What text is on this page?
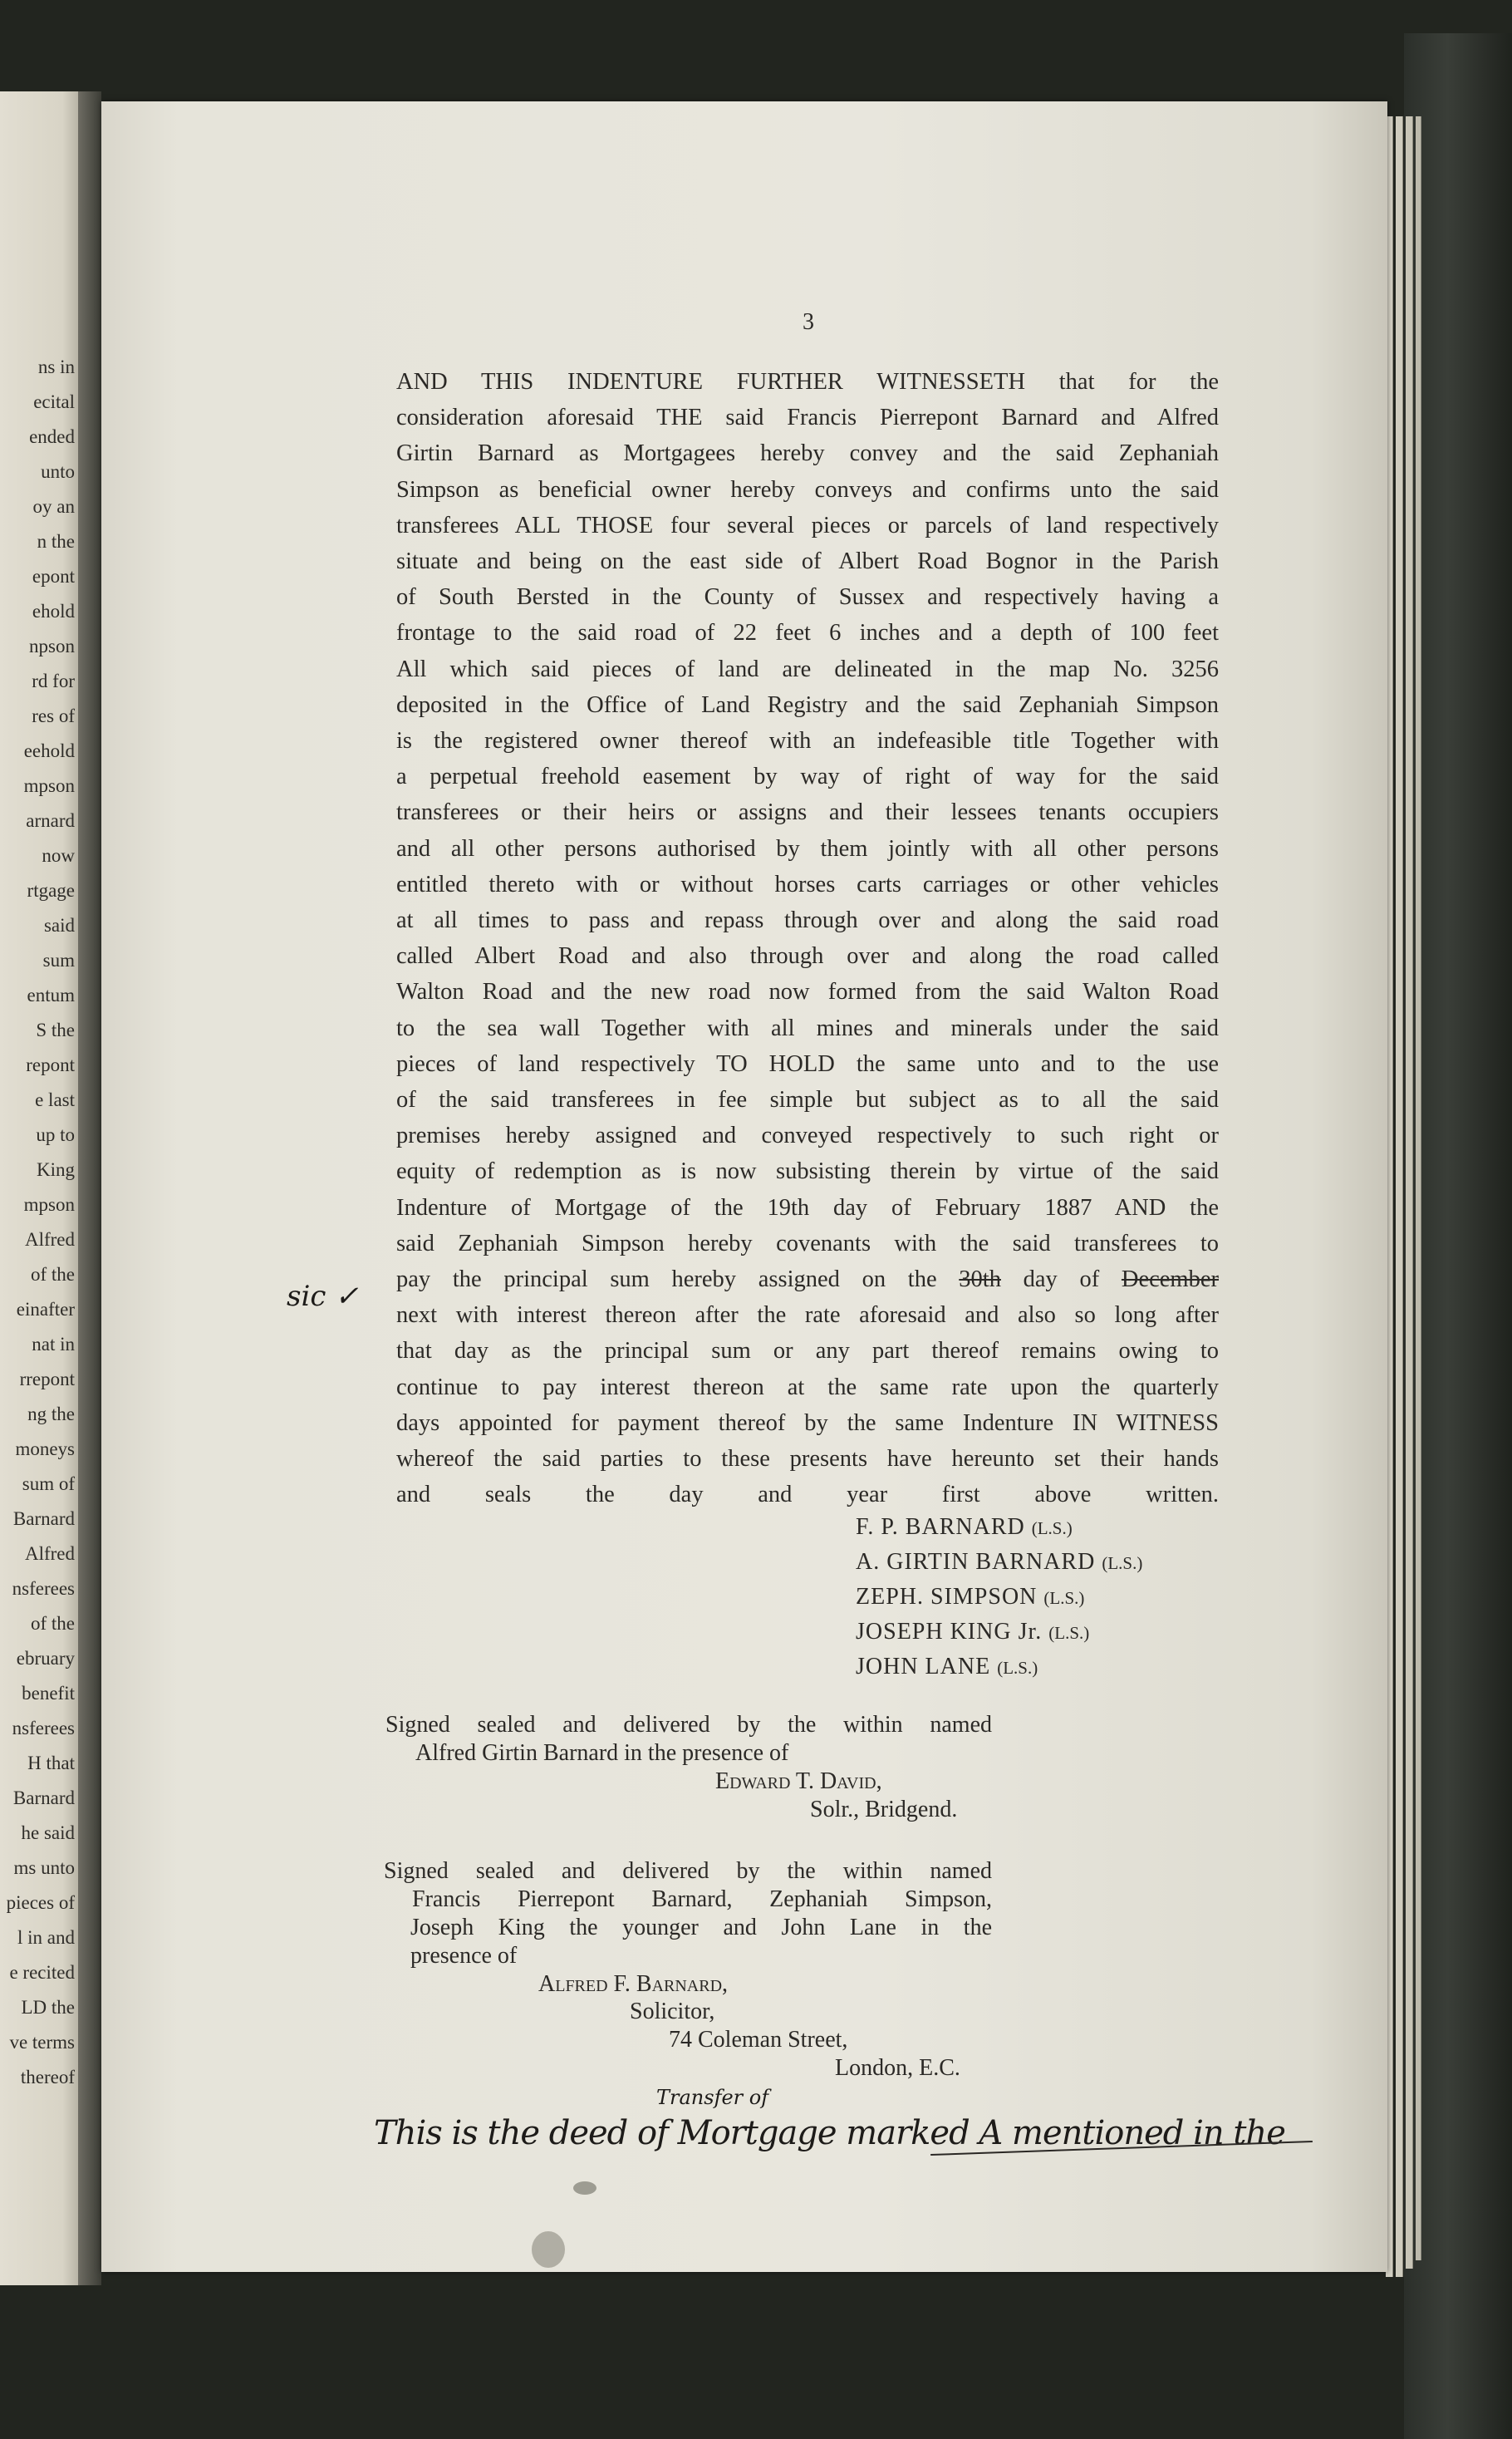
ns in
ecital
ended
unto
oy an
n the
epont
ehold
npson
rd for
res of
eehold
mpson
arnard
now
rtgage
said
sum
entum
S the
repont
e last
up to
King
mpson
Alfred
of the
einafter
nat in
rrepont
ng the
moneys
sum of
Barnard
Alfred
nsferees
of the
ebruary
benefit
nsferees
H that
Barnard
he said
ms unto
pieces of
l in and
e recited
LD the
ve terms
thereof
3
AND THIS INDENTURE FURTHER WITNESSETH that for the
consideration aforesaid THE said Francis Pierrepont Barnard and Alfred
Girtin Barnard as Mortgagees hereby convey and the said Zephaniah
Simpson as beneficial owner hereby conveys and confirms unto the said
transferees ALL THOSE four several pieces or parcels of land respectively
situate and being on the east side of Albert Road Bognor in the Parish
of South Bersted in the County of Sussex and respectively having a
frontage to the said road of 22 feet 6 inches and a depth of 100 feet
All which said pieces of land are delineated in the map No. 3256
deposited in the Office of Land Registry and the said Zephaniah Simpson
is the registered owner thereof with an indefeasible title Together with
a perpetual freehold easement by way of right of way for the said
transferees or their heirs or assigns and their lessees tenants occupiers
and all other persons authorised by them jointly with all other persons
entitled thereto with or without horses carts carriages or other vehicles
at all times to pass and repass through over and along the said road
called Albert Road and also through over and along the road called
Walton Road and the new road now formed from the said Walton Road
to the sea wall Together with all mines and minerals under the said
pieces of land respectively TO HOLD the same unto and to the use
of the said transferees in fee simple but subject as to all the said
premises hereby assigned and conveyed respectively to such right or
equity of redemption as is now subsisting therein by virtue of the said
Indenture of Mortgage of the 19th day of February 1887 AND the
said Zephaniah Simpson hereby covenants with the said transferees to
next with interest thereon after the rate aforesaid and also so long after
that day as the principal sum or any part thereof remains owing to
continue to pay interest thereon at the same rate upon the quarterly
days appointed for payment thereof by the same Indenture IN WITNESS
whereof the said parties to these presents have hereunto set their hands
and seals the day and year first above written.
pay the principal sum hereby assigned on the 30th day of December
sic ✓
F. P. BARNARD (L.S.)
A. GIRTIN BARNARD (L.S.)
ZEPH. SIMPSON (L.S.)
JOSEPH KING Jr. (L.S.)
JOHN LANE (L.S.)
Signed sealed and delivered by the within named
Alfred Girtin Barnard in the presence of
Edward T. David,
Solr., Bridgend.
Signed sealed and delivered by the within named
Francis Pierrepont Barnard, Zephaniah Simpson,
Joseph King the younger and John Lane in the
presence of
Alfred F. Barnard,
Solicitor,
74 Coleman Street,
London, E.C.
Transfer of
This is the deed of Mortgage marked A mentioned in the
